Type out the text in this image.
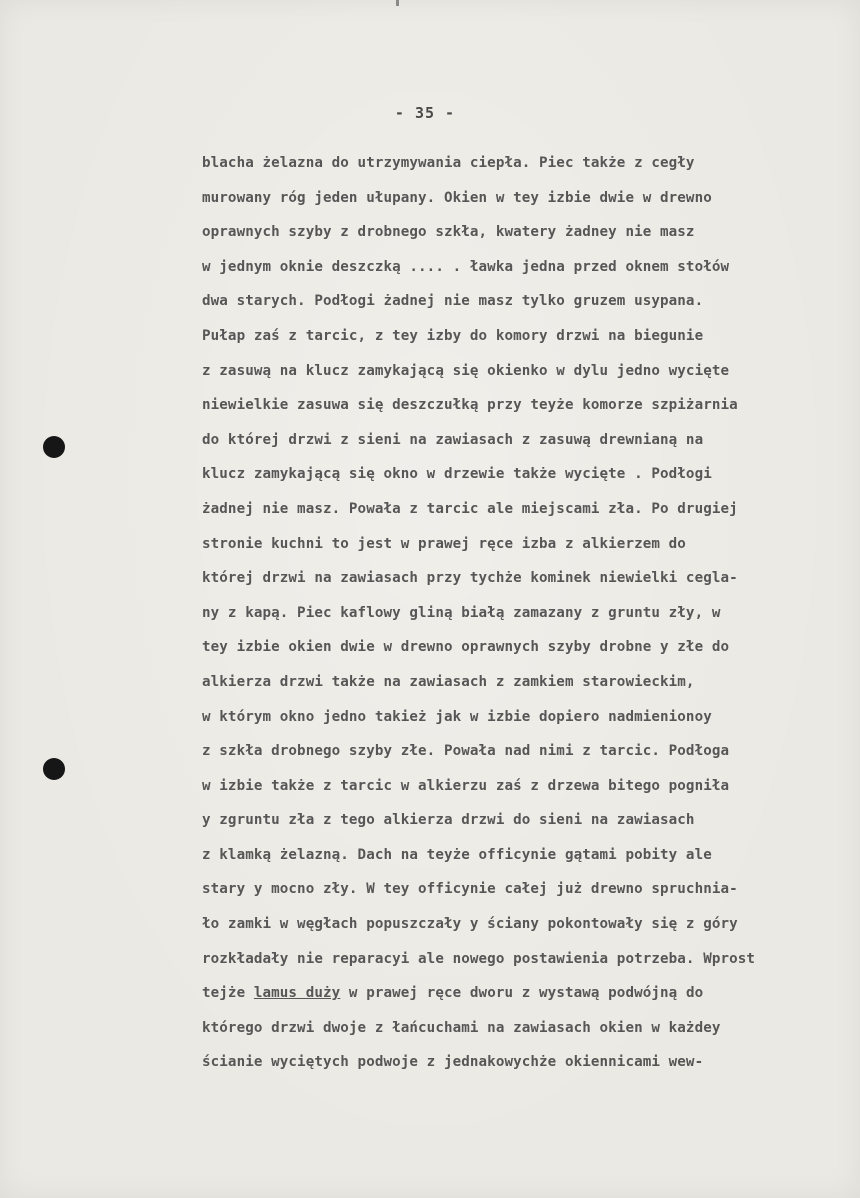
- 35 -
blacha żelazna do utrzymywania ciepła. Piec także z cegły
murowany róg jeden ułupany. Okien w tey izbie dwie w drewno
oprawnych szyby z drobnego szkła, kwatery żadney nie masz
w jednym oknie deszczką .... . ławka jedna przed oknem stołów
dwa starych. Podłogi żadnej nie masz tylko gruzem usypana.
Pułap zaś z tarcic, z tey izby do komory drzwi na biegunie
z zasuwą na klucz zamykającą się okienko w dylu jedno wycięte
niewielkie zasuwa się deszczułką przy teyże komorze szpiżarnia
do której drzwi z sieni na zawiasach z zasuwą drewnianą na
klucz zamykającą się okno w drzewie także wycięte . Podłogi
żadnej nie masz. Powała z tarcic ale miejscami zła. Po drugiej
stronie kuchni to jest w prawej ręce izba z alkierzem do
której drzwi na zawiasach przy tychże kominek niewielki cegla-
ny z kapą. Piec kaflowy gliną białą zamazany z gruntu zły, w
tey izbie okien dwie w drewno oprawnych szyby drobne y złe do
alkierza drzwi także na zawiasach z zamkiem starowieckim,
w którym okno jedno takież jak w izbie dopiero nadmienionoy
z szkła drobnego szyby złe. Powała nad nimi z tarcic. Podłoga
w izbie także z tarcic w alkierzu zaś z drzewa bitego pogniła
y zgruntu zła z tego alkierza drzwi do sieni na zawiasach
z klamką żelazną. Dach na teyże officynie gątami pobity ale
stary y mocno zły. W tey officynie całej już drewno spruchnia-
ło zamki w węgłach popuszczały y ściany pokontowały się z góry
rozkładały nie reparacyi ale nowego postawienia potrzeba. Wprost
tejże lamus duży w prawej ręce dworu z wystawą podwójną do
którego drzwi dwoje z łańcuchami na zawiasach okien w każdey
ścianie wyciętych podwoje z jednakowychże okiennicami wew-
